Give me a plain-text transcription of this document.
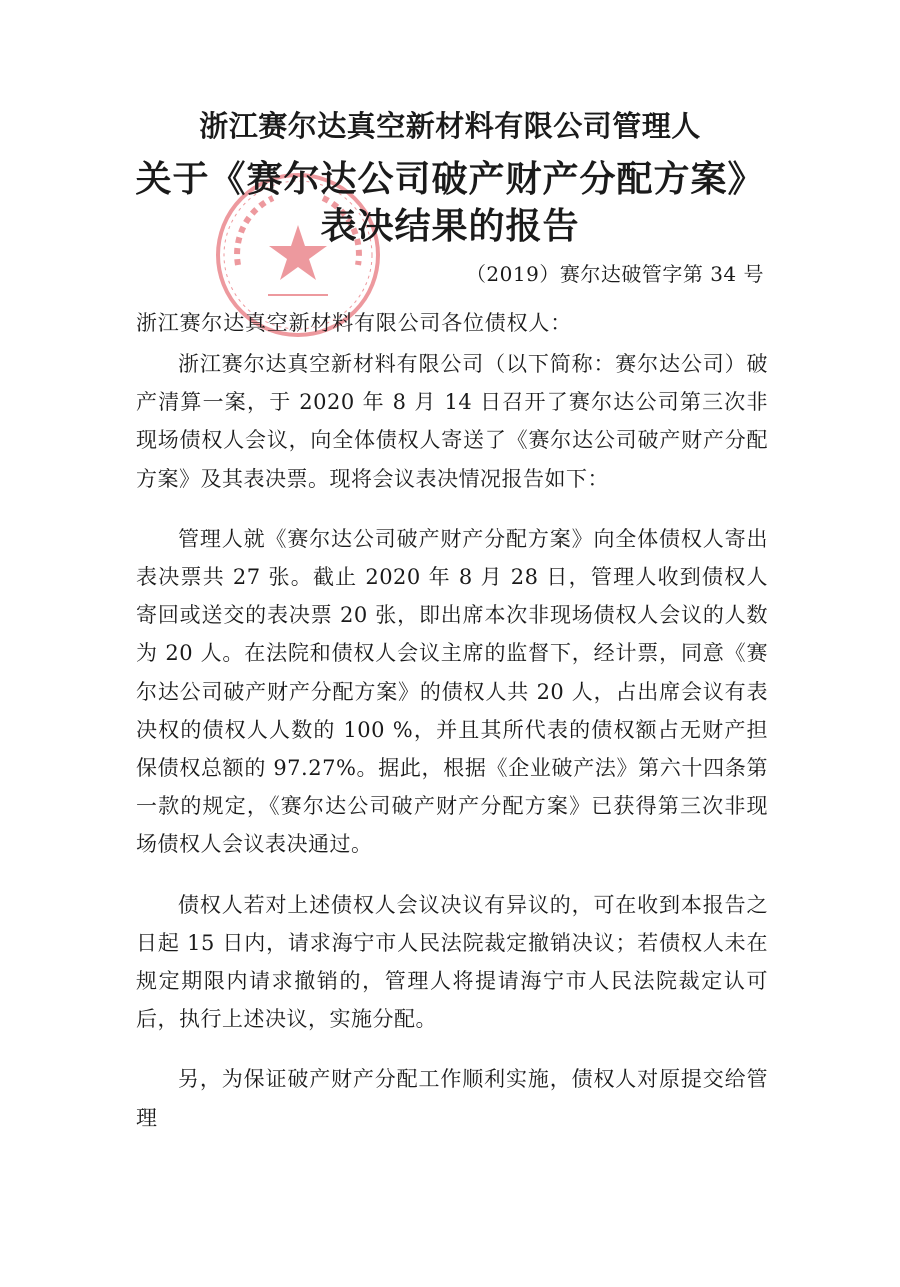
浙江赛尔达真空新材料有限公司管理人
关于《赛尔达公司破产财产分配方案》
表决结果的报告
（2019）赛尔达破管字第 34 号
浙江赛尔达真空新材料有限公司各位债权人：

浙江赛尔达真空新材料有限公司（以下简称：赛尔达公司）破产清算一案，于 2020 年 8 月 14 日召开了赛尔达公司第三次非现场债权人会议，向全体债权人寄送了《赛尔达公司破产财产分配方案》及其表决票。现将会议表决情况报告如下：

管理人就《赛尔达公司破产财产分配方案》向全体债权人寄出表决票共 27 张。截止 2020 年 8 月 28 日，管理人收到债权人寄回或送交的表决票 20 张，即出席本次非现场债权人会议的人数为 20 人。在法院和债权人会议主席的监督下，经计票，同意《赛尔达公司破产财产分配方案》的债权人共 20 人，占出席会议有表决权的债权人人数的 100 %，并且其所代表的债权额占无财产担保债权总额的 97.27%。据此，根据《企业破产法》第六十四条第一款的规定，《赛尔达公司破产财产分配方案》已获得第三次非现场债权人会议表决通过。

债权人若对上述债权人会议决议有异议的，可在收到本报告之日起 15 日内，请求海宁市人民法院裁定撤销决议；若债权人未在规定期限内请求撤销的，管理人将提请海宁市人民法院裁定认可后，执行上述决议，实施分配。

另，为保证破产财产分配工作顺利实施，债权人对原提交给管理
